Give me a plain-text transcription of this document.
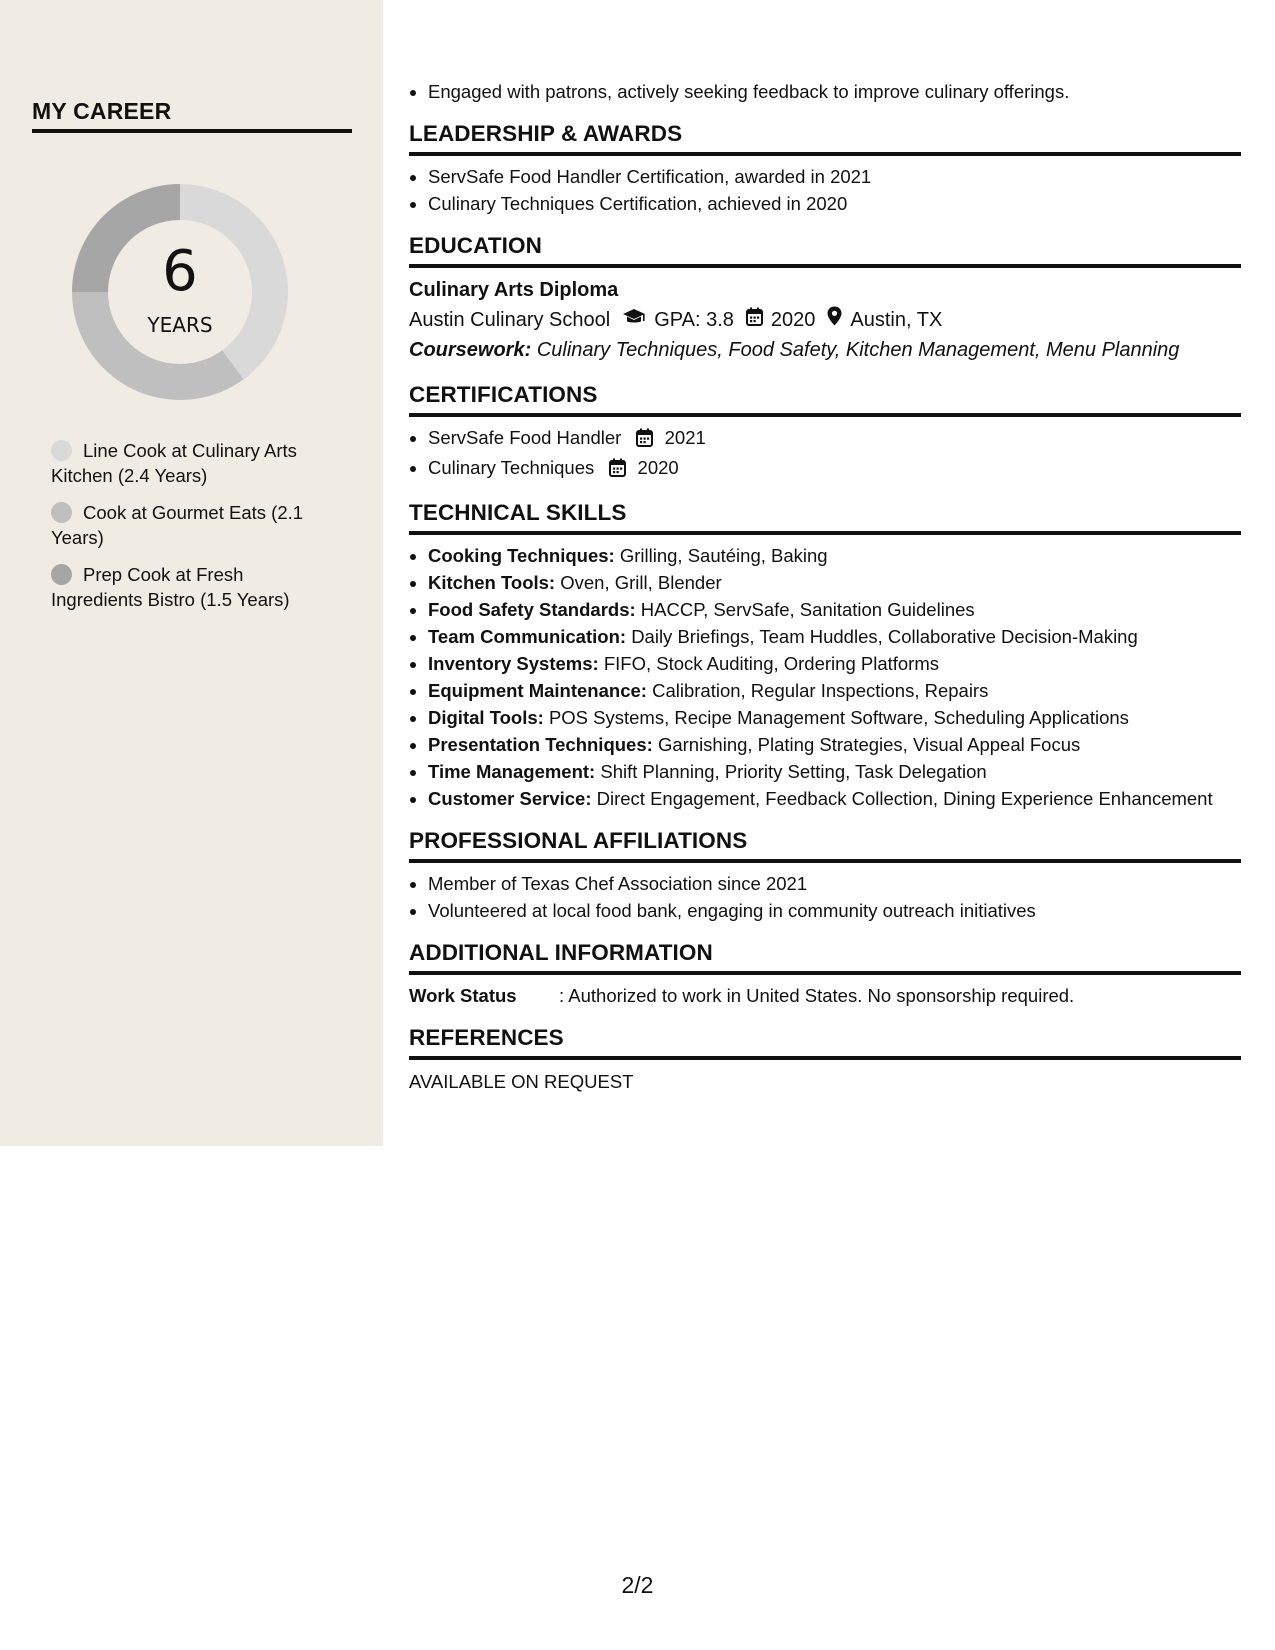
MY CAREER
6
YEARS
Line Cook at Culinary Arts Kitchen (2.4 Years)
Cook at Gourmet Eats (2.1 Years)
Prep Cook at Fresh Ingredients Bistro (1.5 Years)
• Engaged with patrons, actively seeking feedback to improve culinary offerings.
LEADERSHIP & AWARDS
• ServSafe Food Handler Certification, awarded in 2021
• Culinary Techniques Certification, achieved in 2020
EDUCATION
Culinary Arts Diploma
Austin Culinary School GPA: 3.8 2020 Austin, TX
Coursework: Culinary Techniques, Food Safety, Kitchen Management, Menu Planning
CERTIFICATIONS
• ServSafe Food Handler 2021
• Culinary Techniques 2020
TECHNICAL SKILLS
• Cooking Techniques: Grilling, Sautéing, Baking
• Kitchen Tools: Oven, Grill, Blender
• Food Safety Standards: HACCP, ServSafe, Sanitation Guidelines
• Team Communication: Daily Briefings, Team Huddles, Collaborative Decision-Making
• Inventory Systems: FIFO, Stock Auditing, Ordering Platforms
• Equipment Maintenance: Calibration, Regular Inspections, Repairs
• Digital Tools: POS Systems, Recipe Management Software, Scheduling Applications
• Presentation Techniques: Garnishing, Plating Strategies, Visual Appeal Focus
• Time Management: Shift Planning, Priority Setting, Task Delegation
• Customer Service: Direct Engagement, Feedback Collection, Dining Experience Enhancement
PROFESSIONAL AFFILIATIONS
• Member of Texas Chef Association since 2021
• Volunteered at local food bank, engaging in community outreach initiatives
ADDITIONAL INFORMATION
Work Status : Authorized to work in United States. No sponsorship required.
REFERENCES
AVAILABLE ON REQUEST
2/2
